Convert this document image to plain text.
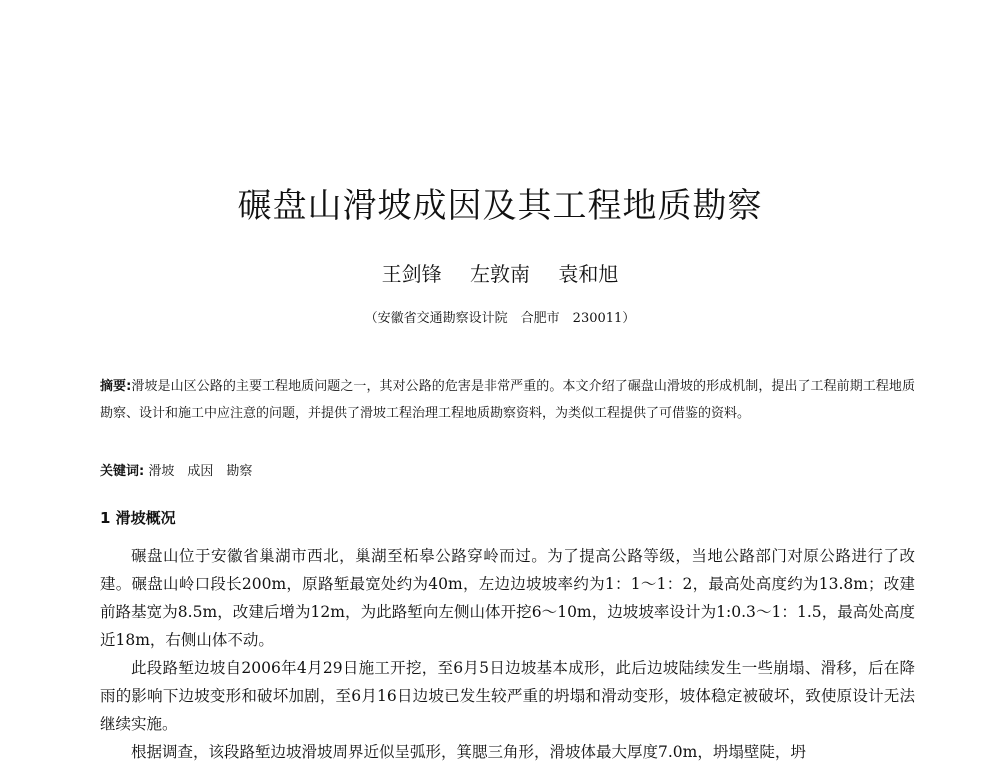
碾盘山滑坡成因及其工程地质勘察
王剑锋 左敦南 袁和旭
（安徽省交通勘察设计院　合肥市　230011）
摘要:滑坡是山区公路的主要工程地质问题之一，其对公路的危害是非常严重的。本文介绍了碾盘山滑坡的形成机制，提出了工程前期工程地质勘察、设计和施工中应注意的问题，并提供了滑坡工程治理工程地质勘察资料，为类似工程提供了可借鉴的资料。
关键词: 滑坡　成因　勘察
1 滑坡概况

碾盘山位于安徽省巢湖市西北，巢湖至柘皋公路穿岭而过。为了提高公路等级，当地公路部门对原公路进行了改建。碾盘山岭口段长200m，原路堑最宽处约为40m，左边边坡坡率约为1：1～1：2，最高处高度约为13.8m；改建前路基宽为8.5m，改建后增为12m，为此路堑向左侧山体开挖6～10m，边坡坡率设计为1:0.3～1：1.5，最高处高度近18m，右侧山体不动。

此段路堑边坡自2006年4月29日施工开挖，至6月5日边坡基本成形，此后边坡陆续发生一些崩塌、滑移，后在降雨的影响下边坡变形和破坏加剧，至6月16日边坡已发生较严重的坍塌和滑动变形，坡体稳定被破坏，致使原设计无法继续实施。

根据调查，该段路堑边坡滑坡周界近似呈弧形，箕腮三角形，滑坡体最大厚度7.0m，坍塌壁陡，坍
